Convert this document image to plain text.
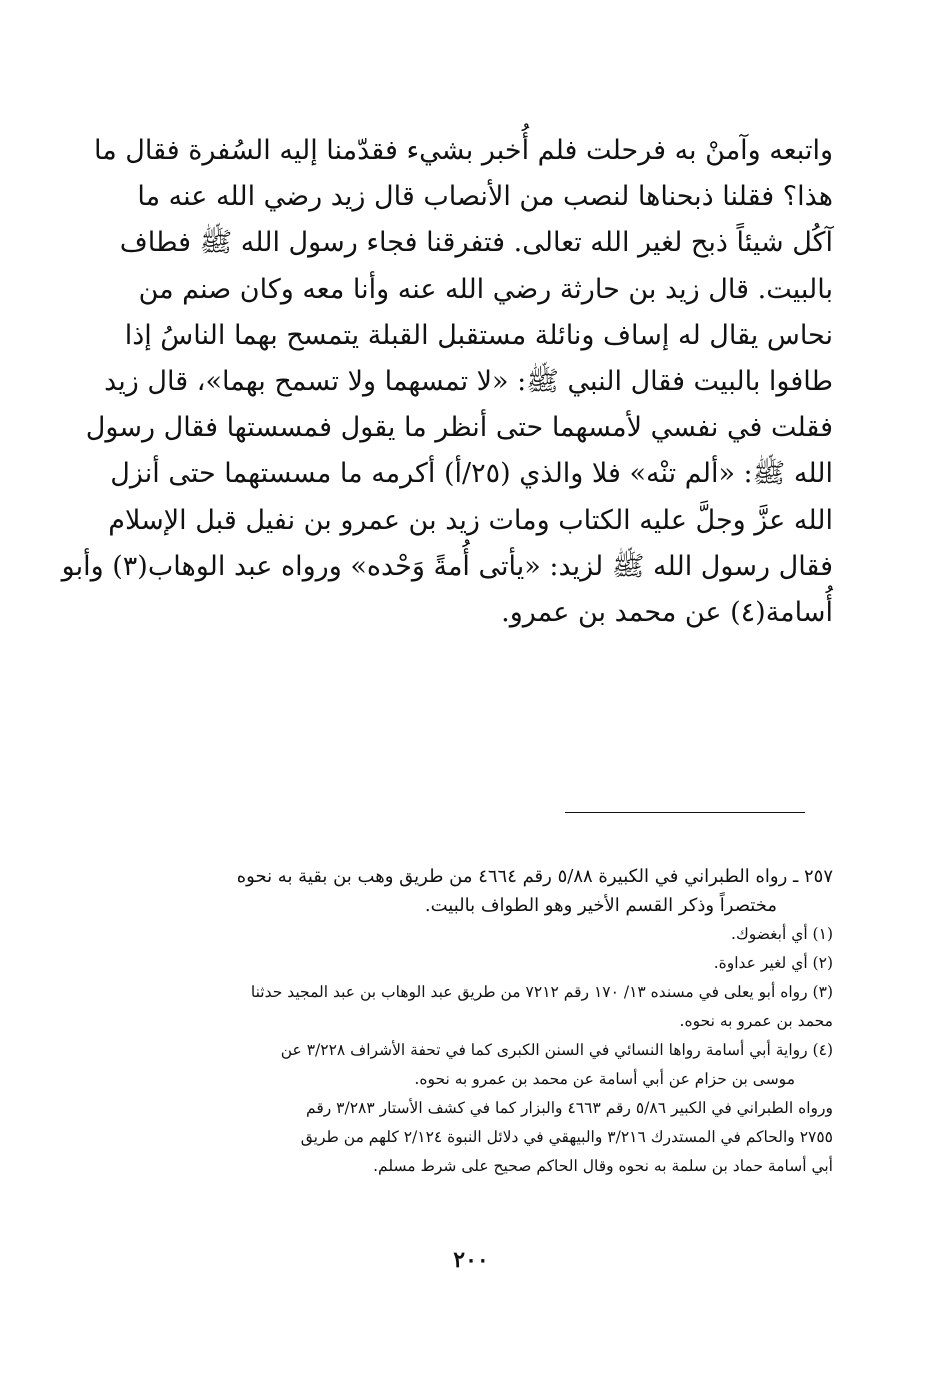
واتبعه وآمنْ به فرحلت فلم أُخبر بشيء فقدّمنا إليه السُفرة فقال ما
هذا؟ فقلنا ذبحناها لنصب من الأنصاب قال زيد رضي الله عنه ما
آكُل شيئاً ذبح لغير الله تعالى. فتفرقنا فجاء رسول الله ﷺ فطاف
بالبيت. قال زيد بن حارثة رضي الله عنه وأنا معه وكان صنم من
نحاس يقال له إساف ونائلة مستقبل القبلة يتمسح بهما الناسُ إذا
طافوا بالبيت فقال النبي ﷺ: «لا تمسهما ولا تسمح بهما»، قال زيد
فقلت في نفسي لأمسهما حتى أنظر ما يقول فمسستها فقال رسول
الله ﷺ: «ألم تنْه» فلا والذي (٢٥/أ) أكرمه ما مسستهما حتى أنزل
الله عزَّ وجلَّ عليه الكتاب ومات زيد بن عمرو بن نفيل قبل الإسلام
فقال رسول الله ﷺ لزيد: «يأتى أُمةً وَحْده» ورواه عبد الوهاب(٣) وأبو
أُسامة(٤) عن محمد بن عمرو.
٢٥٧ ـ رواه الطبراني في الكبيرة ٥/٨٨ رقم ٤٦٦٤ من طريق وهب بن بقية به نحوه
مختصراً وذكر القسم الأخير وهو الطواف بالبيت.
(١) أي أبغضوك.
(٢) أي لغير عداوة.
(٣) رواه أبو يعلى في مسنده ١٣/ ١٧٠ رقم ٧٢١٢ من طريق عبد الوهاب بن عبد المجيد حدثنا
محمد بن عمرو به نحوه.
(٤) رواية أبي أسامة رواها النسائي في السنن الكبرى كما في تحفة الأشراف ٣/٢٢٨ عن
موسى بن حزام عن أبي أسامة عن محمد بن عمرو به نحوه.
ورواه الطبراني في الكبير ٥/٨٦ رقم ٤٦٦٣ والبزار كما في كشف الأستار ٣/٢٨٣ رقم
٢٧٥٥ والحاكم في المستدرك ٣/٢١٦ والبيهقي في دلائل النبوة ٢/١٢٤ كلهم من طريق
أبي أسامة حماد بن سلمة به نحوه وقال الحاكم صحيح على شرط مسلم.
٢٠٠
